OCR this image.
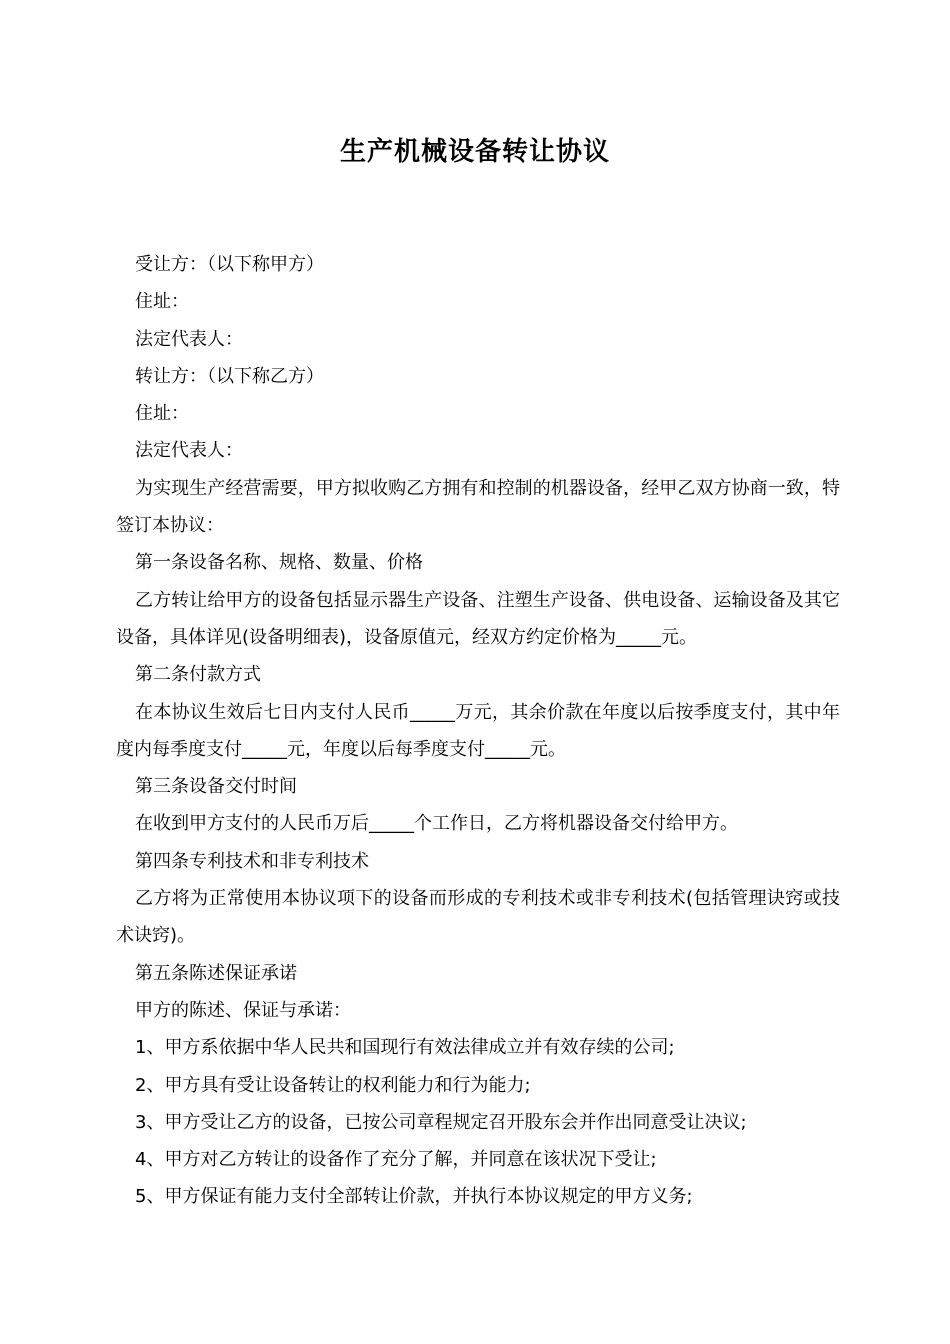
生产机械设备转让协议

受让方：（以下称甲方）

住址：

法定代表人：

转让方：（以下称乙方）

住址：

法定代表人：

为实现生产经营需要，甲方拟收购乙方拥有和控制的机器设备，经甲乙双方协商一致，特签订本协议：

第一条设备名称、规格、数量、价格

乙方转让给甲方的设备包括显示器生产设备、注塑生产设备、供电设备、运输设备及其它设备，具体详见(设备明细表)，设备原值元，经双方约定价格为_____元。

第二条付款方式

在本协议生效后七日内支付人民币_____万元，其余价款在年度以后按季度支付，其中年度内每季度支付_____元，年度以后每季度支付_____元。

第三条设备交付时间

在收到甲方支付的人民币万后_____个工作日，乙方将机器设备交付给甲方。

第四条专利技术和非专利技术

乙方将为正常使用本协议项下的设备而形成的专利技术或非专利技术(包括管理诀窍或技术诀窍)。

第五条陈述保证承诺

甲方的陈述、保证与承诺：

1、甲方系依据中华人民共和国现行有效法律成立并有效存续的公司;

2、甲方具有受让设备转让的权利能力和行为能力;

3、甲方受让乙方的设备，已按公司章程规定召开股东会并作出同意受让决议;

4、甲方对乙方转让的设备作了充分了解，并同意在该状况下受让;

5、甲方保证有能力支付全部转让价款，并执行本协议规定的甲方义务;
